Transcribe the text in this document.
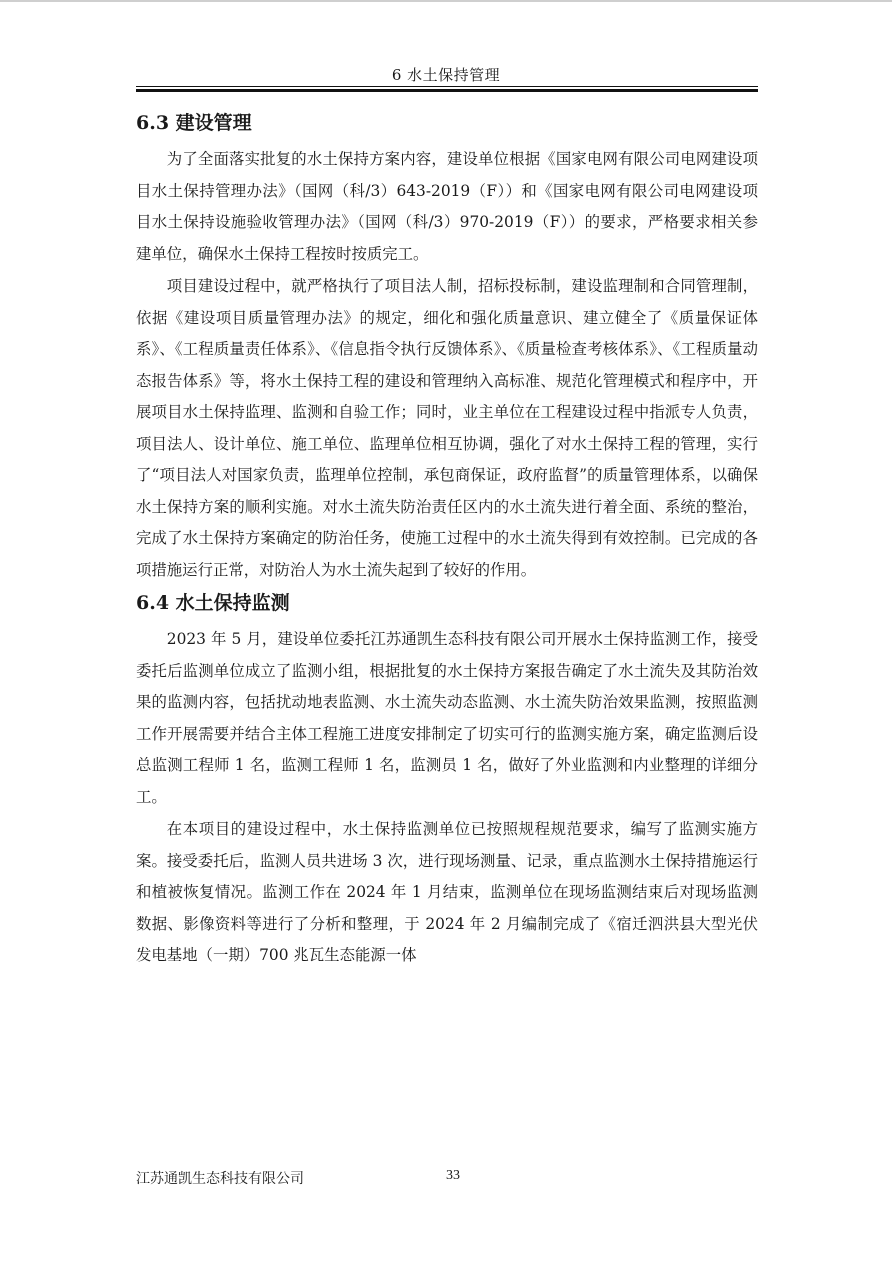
6 水土保持管理
6.3 建设管理

为了全面落实批复的水土保持方案内容，建设单位根据《国家电网有限公司电网建设项目水土保持管理办法》（国网（科/3）643-2019（F））和《国家电网有限公司电网建设项目水土保持设施验收管理办法》（国网（科/3）970-2019（F））的要求，严格要求相关参建单位，确保水土保持工程按时按质完工。

项目建设过程中，就严格执行了项目法人制，招标投标制，建设监理制和合同管理制，依据《建设项目质量管理办法》的规定，细化和强化质量意识、建立健全了《质量保证体系》、《工程质量责任体系》、《信息指令执行反馈体系》、《质量检查考核体系》、《工程质量动态报告体系》等，将水土保持工程的建设和管理纳入高标准、规范化管理模式和程序中，开展项目水土保持监理、监测和自验工作；同时，业主单位在工程建设过程中指派专人负责，项目法人、设计单位、施工单位、监理单位相互协调，强化了对水土保持工程的管理，实行了“项目法人对国家负责，监理单位控制，承包商保证，政府监督”的质量管理体系，以确保水土保持方案的顺利实施。对水土流失防治责任区内的水土流失进行着全面、系统的整治，完成了水土保持方案确定的防治任务，使施工过程中的水土流失得到有效控制。已完成的各项措施运行正常，对防治人为水土流失起到了较好的作用。

6.4 水土保持监测

2023 年 5 月，建设单位委托江苏通凯生态科技有限公司开展水土保持监测工作，接受委托后监测单位成立了监测小组，根据批复的水土保持方案报告确定了水土流失及其防治效果的监测内容，包括扰动地表监测、水土流失动态监测、水土流失防治效果监测，按照监测工作开展需要并结合主体工程施工进度安排制定了切实可行的监测实施方案，确定监测后设总监测工程师 1 名，监测工程师 1 名，监测员 1 名，做好了外业监测和内业整理的详细分工。

在本项目的建设过程中，水土保持监测单位已按照规程规范要求，编写了监测实施方案。接受委托后，监测人员共进场 3 次，进行现场测量、记录，重点监测水土保持措施运行和植被恢复情况。监测工作在 2024 年 1 月结束，监测单位在现场监测结束后对现场监测数据、影像资料等进行了分析和整理，于 2024 年 2 月编制完成了《宿迁泗洪县大型光伏发电基地（一期）700 兆瓦生态能源一体

江苏通凯生态科技有限公司	33
